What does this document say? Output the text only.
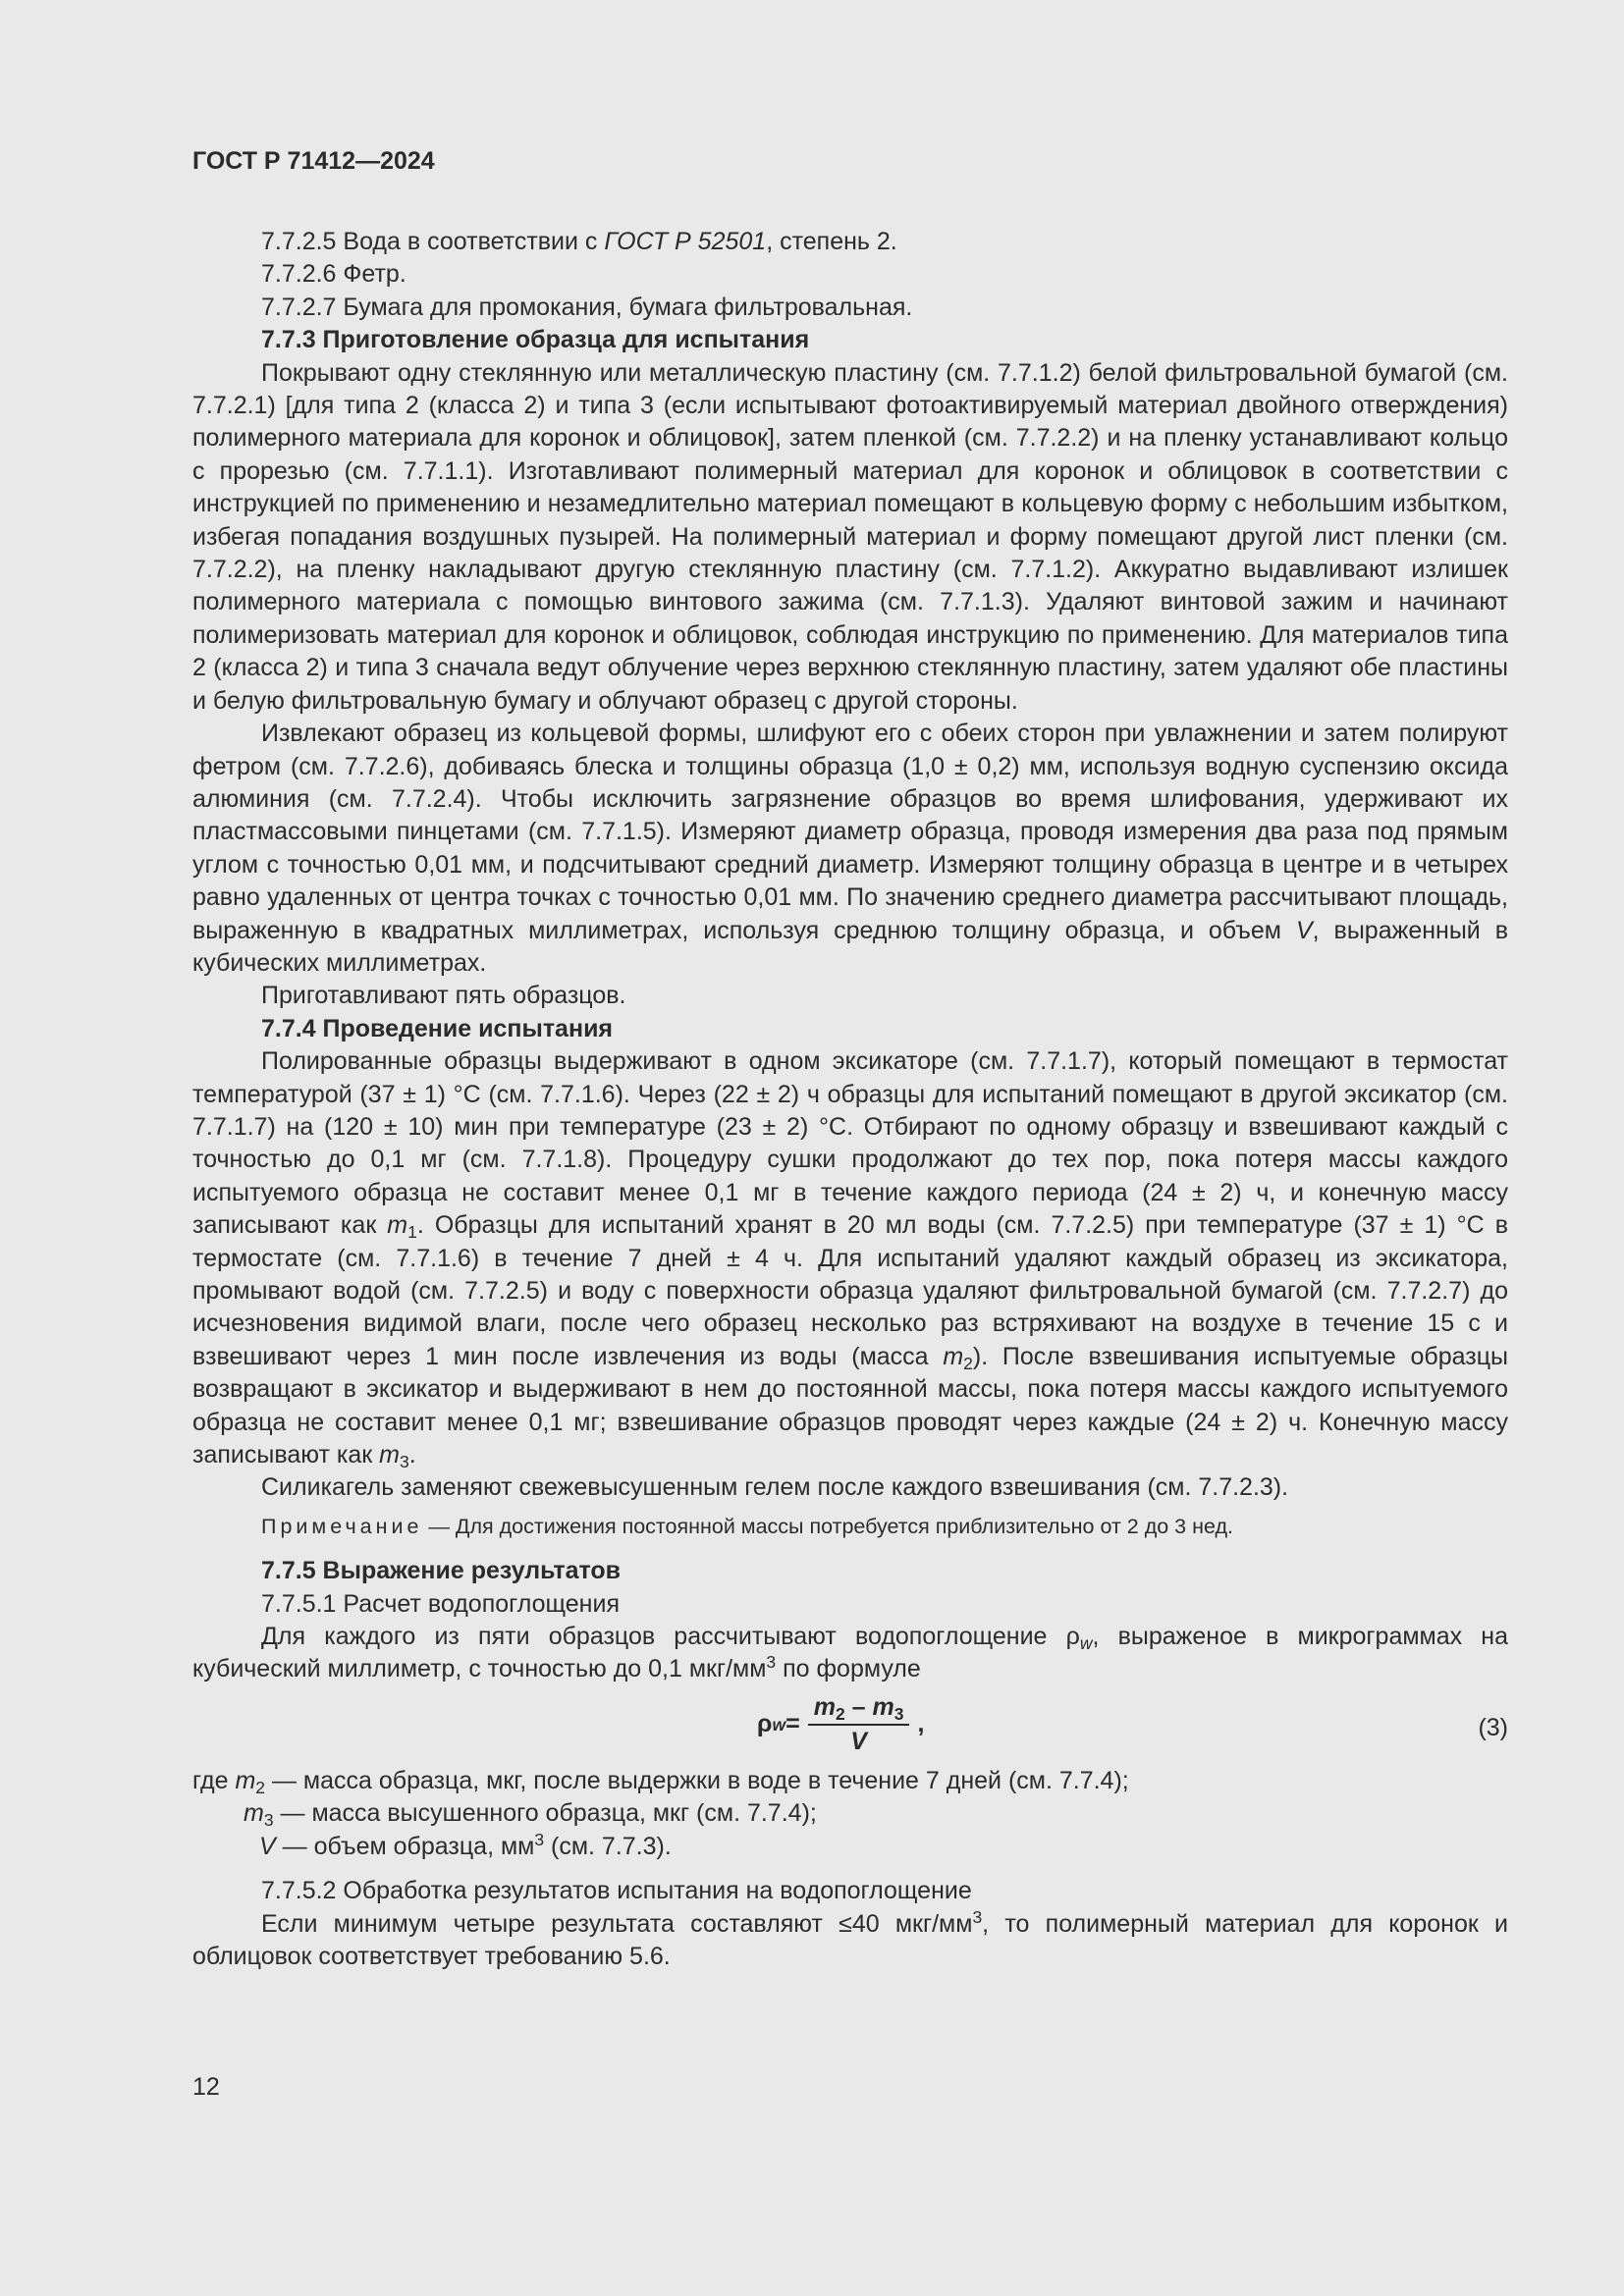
ГОСТ Р 71412—2024

7.7.2.5 Вода в соответствии с ГОСТ Р 52501, степень 2.

7.7.2.6 Фетр.

7.7.2.7 Бумага для промокания, бумага фильтровальная.

7.7.3 Приготовление образца для испытания

Покрывают одну стеклянную или металлическую пластину (см. 7.7.1.2) белой фильтровальной бумагой (см. 7.7.2.1) [для типа 2 (класса 2) и типа 3 (если испытывают фотоактивируемый материал двойного отверждения) полимерного материала для коронок и облицовок], затем пленкой (см. 7.7.2.2) и на пленку устанавливают кольцо с прорезью (см. 7.7.1.1). Изготавливают полимерный материал для коронок и облицовок в соответствии с инструкцией по применению и незамедлительно материал помещают в кольцевую форму с небольшим избытком, избегая попадания воздушных пузырей. На полимерный материал и форму помещают другой лист пленки (см. 7.7.2.2), на пленку накладывают другую стеклянную пластину (см. 7.7.1.2). Аккуратно выдавливают излишек полимерного материала с помощью винтового зажима (см. 7.7.1.3). Удаляют винтовой зажим и начинают полимеризовать материал для коронок и облицовок, соблюдая инструкцию по применению. Для материалов типа 2 (класса 2) и типа 3 сначала ведут облучение через верхнюю стеклянную пластину, затем удаляют обе пластины и белую фильтровальную бумагу и облучают образец с другой стороны.

Извлекают образец из кольцевой формы, шлифуют его с обеих сторон при увлажнении и затем полируют фетром (см. 7.7.2.6), добиваясь блеска и толщины образца (1,0 ± 0,2) мм, используя водную суспензию оксида алюминия (см. 7.7.2.4). Чтобы исключить загрязнение образцов во время шлифования, удерживают их пластмассовыми пинцетами (см. 7.7.1.5). Измеряют диаметр образца, проводя измерения два раза под прямым углом с точностью 0,01 мм, и подсчитывают средний диаметр. Измеряют толщину образца в центре и в четырех равно удаленных от центра точках с точностью 0,01 мм. По значению среднего диаметра рассчитывают площадь, выраженную в квадратных миллиметрах, используя среднюю толщину образца, и объем V, выраженный в кубических миллиметрах.

Приготавливают пять образцов.

7.7.4 Проведение испытания

Полированные образцы выдерживают в одном эксикаторе (см. 7.7.1.7), который помещают в термостат температурой (37 ± 1) °С (см. 7.7.1.6). Через (22 ± 2) ч образцы для испытаний помещают в другой эксикатор (см. 7.7.1.7) на (120 ± 10) мин при температуре (23 ± 2) °С. Отбирают по одному образцу и взвешивают каждый с точностью до 0,1 мг (см. 7.7.1.8). Процедуру сушки продолжают до тех пор, пока потеря массы каждого испытуемого образца не составит менее 0,1 мг в течение каждого периода (24 ± 2) ч, и конечную массу записывают как $m_1$. Образцы для испытаний хранят в 20 мл воды (см. 7.7.2.5) при температуре (37 ± 1) °С в термостате (см. 7.7.1.6) в течение 7 дней ± 4 ч. Для испытаний удаляют каждый образец из эксикатора, промывают водой (см. 7.7.2.5) и воду с поверхности образца удаляют фильтровальной бумагой (см. 7.7.2.7) до исчезновения видимой влаги, после чего образец несколько раз встряхивают на воздухе в течение 15 с и взвешивают через 1 мин после извлечения из воды (масса $m_2$). После взвешивания испытуемые образцы возвращают в эксикатор и выдерживают в нем до постоянной массы, пока потеря массы каждого испытуемого образца не составит менее 0,1 мг; взвешивание образцов проводят через каждые (24 ± 2) ч. Конечную массу записывают как $m_3$.

Силикагель заменяют свежевысушенным гелем после каждого взвешивания (см. 7.7.2.3).

Примечание — Для достижения постоянной массы потребуется приблизительно от 2 до 3 нед.

7.7.5 Выражение результатов

7.7.5.1 Расчет водопоглощения

Для каждого из пяти образцов рассчитывают водопоглощение $\rho_w$, выраженое в микрограммах на кубический миллиметр, с точностью до 0,1 мкг/$мм^3$ по формуле

ρ $w = \frac{m_2 - m_3}{V}$ ,	(3)
где $m_2$ — масса образца, мкг, после выдержки в воде в течение 7 дней (см. 7.7.4);
$m_3$ — масса высушенного образца, мкг (см. 7.7.4);
V — объем образца, $мм^3$ (см. 7.7.3).

7.7.5.2 Обработка результатов испытания на водопоглощение

Если минимум четыре результата составляют ≤40 мкг/$мм^3$, то полимерный материал для коронок и облицовок соответствует требованию 5.6.

12
